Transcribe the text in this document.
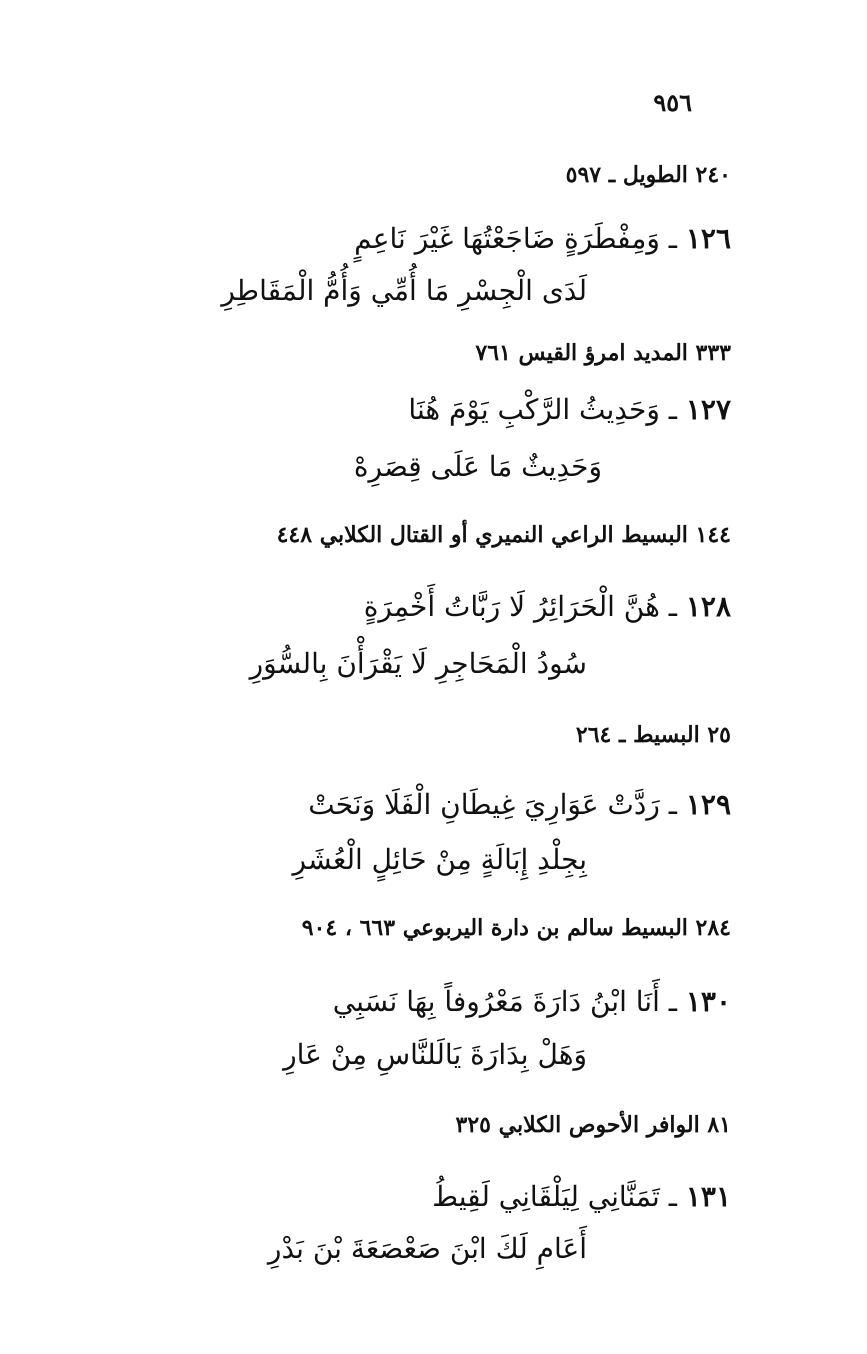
٩٥٦
٢٤٠ الطويل ـ ٥٩٧
١٢٦ ـ وَمِفْطَرَةٍ ضَاجَعْتُهَا غَيْرَ نَاعِمٍ
لَدَى الْجِسْرِ مَا أُمِّي وَأُمُّ الْمَقَاطِرِ
٣٣٣ المديد امرؤ القيس ٧٦١
١٢٧ ـ وَحَدِيثُ الرَّكْبِ يَوْمَ هُنَا
وَحَدِيثٌ مَا عَلَى قِصَرِهْ
١٤٤ البسيط الراعي النميري أو القتال الكلابي ٤٤٨
١٢٨ ـ هُنَّ الْحَرَائِرُ لَا رَبَّاتُ أَخْمِرَةٍ
سُودُ الْمَحَاجِرِ لَا يَقْرَأْنَ بِالسُّوَرِ
٢٥ البسيط ـ ٢٦٤
١٢٩ ـ رَدَّتْ عَوَارِيَ غِيطَانِ الْفَلَا وَنَحَتْ
بِجِلْدِ إِبَالَةٍ مِنْ حَائِلٍ الْعُشَرِ
٢٨٤ البسيط سالم بن دارة اليربوعي ٦٦٣ ، ٩٠٤
١٣٠ ـ أَنَا ابْنُ دَارَةَ مَعْرُوفاً بِهَا نَسَبِي
وَهَلْ بِدَارَةَ يَالَلنَّاسِ مِنْ عَارِ
٨١ الوافر الأحوص الكلابي ٣٢٥
١٣١ ـ تَمَنَّانِي لِيَلْقَانِي لَقِيطُ
أَعَامِ لَكَ ابْنَ صَعْصَعَةَ بْنَ بَدْرِ
